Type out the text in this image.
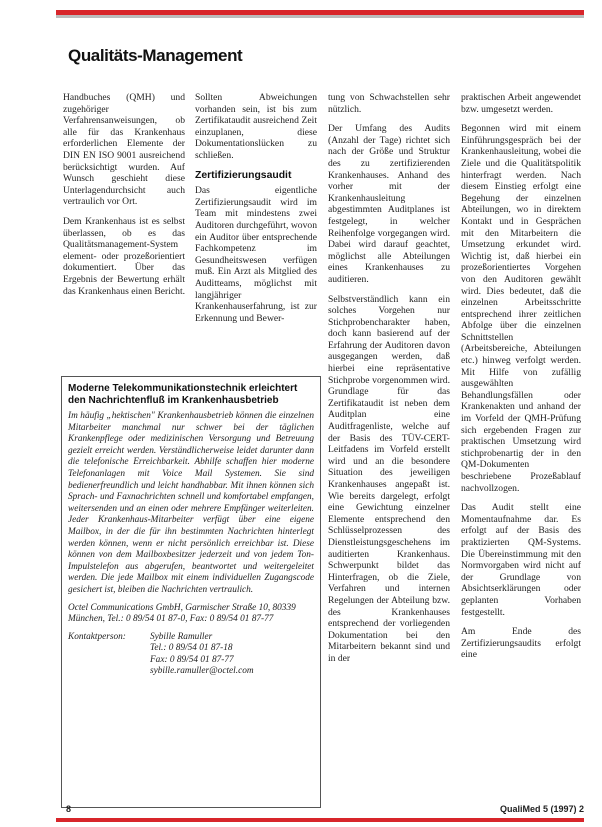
Qualitäts-Management

Handbuches (QMH) und zugehöriger Verfahrensanweisungen, ob alle für das Krankenhaus erforderlichen Elemente der DIN EN ISO 9001 ausreichend berücksichtigt wurden. Auf Wunsch geschieht diese Unterlagendurchsicht auch vertraulich vor Ort.

Dem Krankenhaus ist es selbst überlassen, ob es das Qualitätsmanagement-System element- oder prozeßorientiert dokumentiert. Über das Ergebnis der Bewertung erhält das Krankenhaus einen Bericht.

Sollten Abweichungen vorhanden sein, ist bis zum Zertifikataudit ausreichend Zeit einzuplanen, diese Dokumentationslücken zu schließen.

Zertifizierungsaudit

Das eigentliche Zertifizierungsaudit wird im Team mit mindestens zwei Auditoren durchgeführt, wovon ein Auditor über entsprechende Fachkompetenz im Gesundheitswesen verfügen muß. Ein Arzt als Mitglied des Auditteams, möglichst mit langjähriger Krankenhauserfahrung, ist zur Erkennung und Bewer-

tung von Schwachstellen sehr nützlich.

Der Umfang des Audits (Anzahl der Tage) richtet sich nach der Größe und Struktur des zu zertifizierenden Krankenhauses. Anhand des vorher mit der Krankenhausleitung abgestimmten Auditplanes ist festgelegt, in welcher Reihenfolge vorgegangen wird. Dabei wird darauf geachtet, möglichst alle Abteilungen eines Krankenhauses zu auditieren.

Selbstverständlich kann ein solches Vorgehen nur Stichprobencharakter haben, doch kann basierend auf der Erfahrung der Auditoren davon ausgegangen werden, daß hierbei eine repräsentative Stichprobe vorgenommen wird. Grundlage für das Zertifikataudit ist neben dem Auditplan eine Auditfragenliste, welche auf der Basis des TÜV-CERT-Leitfadens im Vorfeld erstellt wird und an die besondere Situation des jeweiligen Krankenhauses angepaßt ist. Wie bereits dargelegt, erfolgt eine Gewichtung einzelner Elemente entsprechend den Schlüsselprozessen des Dienstleistungsgeschehens im auditierten Krankenhaus. Schwerpunkt bildet das Hinterfragen, ob die Ziele, Verfahren und internen Regelungen der Abteilung bzw. des Krankenhauses entsprechend der vorliegenden Dokumentation bei den Mitarbeitern bekannt sind und in der

praktischen Arbeit angewendet bzw. umgesetzt werden.

Begonnen wird mit einem Einführungsgespräch bei der Krankenhausleitung, wobei die Ziele und die Qualitätspolitik hinterfragt werden. Nach diesem Einstieg erfolgt eine Begehung der einzelnen Abteilungen, wo in direktem Kontakt und in Gesprächen mit den Mitarbeitern die Umsetzung erkundet wird. Wichtig ist, daß hierbei ein prozeßorientiertes Vorgehen von den Auditoren gewählt wird. Dies bedeutet, daß die einzelnen Arbeitsschritte entsprechend ihrer zeitlichen Abfolge über die einzelnen Schnittstellen (Arbeitsbereiche, Abteilungen etc.) hinweg verfolgt werden. Mit Hilfe von zufällig ausgewählten Behandlungsfällen oder Krankenakten und anhand der im Vorfeld der QMH-Prüfung sich ergebenden Fragen zur praktischen Umsetzung wird stichprobenartig der in den QM-Dokumenten beschriebene Prozeßablauf nachvollzogen.

Das Audit stellt eine Momentaufnahme dar. Es erfolgt auf der Basis des praktizierten QM-Systems. Die Übereinstimmung mit den Normvorgaben wird nicht auf der Grundlage von Absichtserklärungen oder geplanten Vorhaben festgestellt.

Am Ende des Zertifizierungsaudits erfolgt eine

Moderne Telekommunikationstechnik erleichtert den Nachrichtenfluß im Krankenhausbetrieb

Im häufig „hektischen" Krankenhausbetrieb können die einzelnen Mitarbeiter manchmal nur schwer bei der täglichen Krankenpflege oder medizinischen Versorgung und Betreuung gezielt erreicht werden. Verständlicherweise leidet darunter dann die telefonische Erreichbarkeit. Abhilfe schaffen hier moderne Telefonanlagen mit Voice Mail Systemen. Sie sind bedienerfreundlich und leicht handhabbar. Mit ihnen können sich Sprach- und Faxnachrichten schnell und komfortabel empfangen, weitersenden und an einen oder mehrere Empfänger weiterleiten. Jeder Krankenhaus-Mitarbeiter verfügt über eine eigene Mailbox, in der die für ihn bestimmten Nachrichten hinterlegt werden können, wenn er nicht persönlich erreichbar ist. Diese können von dem Mailboxbesitzer jederzeit und von jedem Ton-Impulstelefon aus abgerufen, beantwortet und weitergeleitet werden. Die jede Mailbox mit einem individuellen Zugangscode gesichert ist, bleiben die Nachrichten vertraulich.

Octel Communications GmbH, Garmischer Straße 10, 80339 München, Tel.: 0 89/54 01 87-0, Fax: 0 89/54 01 87-77

Kontaktperson:	Sybille Ramuller
Tel.: 0 89/54 01 87-18
Fax: 0 89/54 01 87-77
sybille.ramuller@octel.com
8	QualiMed 5 (1997) 2
